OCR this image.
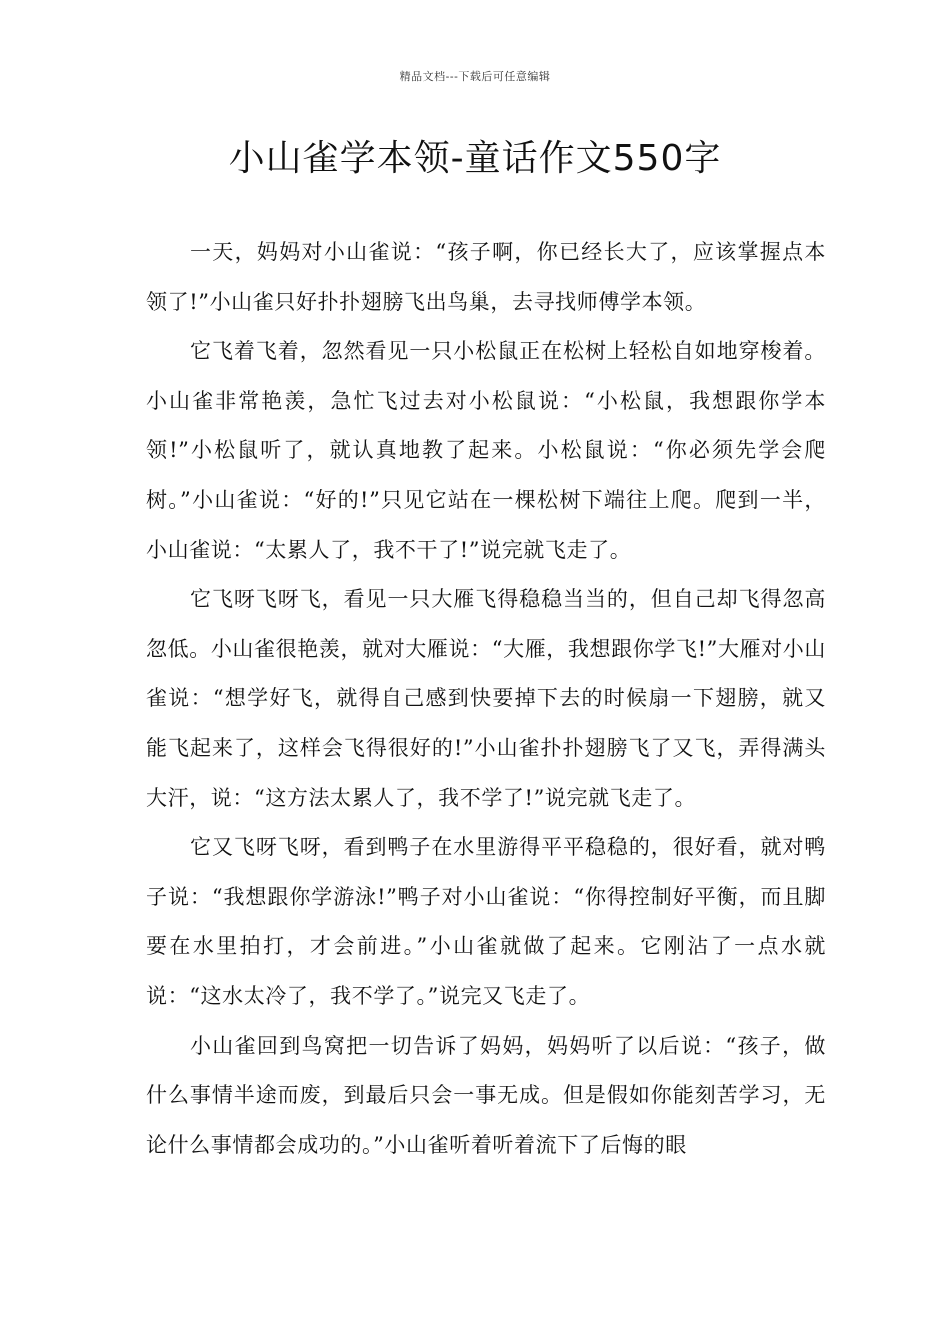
精品文档---下载后可任意编辑
小山雀学本领-童话作文550字

一天，妈妈对小山雀说：“孩子啊，你已经长大了，应该掌握点本领了!”小山雀只好扑扑翅膀飞出鸟巢，去寻找师傅学本领。

它飞着飞着，忽然看见一只小松鼠正在松树上轻松自如地穿梭着。小山雀非常艳羡，急忙飞过去对小松鼠说：“小松鼠，我想跟你学本领!”小松鼠听了，就认真地教了起来。小松鼠说：“你必须先学会爬树。”小山雀说：“好的!”只见它站在一棵松树下端往上爬。爬到一半，小山雀说：“太累人了，我不干了!”说完就飞走了。

它飞呀飞呀飞，看见一只大雁飞得稳稳当当的，但自己却飞得忽高忽低。小山雀很艳羡，就对大雁说：“大雁，我想跟你学飞!”大雁对小山雀说：“想学好飞，就得自己感到快要掉下去的时候扇一下翅膀，就又能飞起来了，这样会飞得很好的!”小山雀扑扑翅膀飞了又飞，弄得满头大汗，说：“这方法太累人了，我不学了!”说完就飞走了。

它又飞呀飞呀，看到鸭子在水里游得平平稳稳的，很好看，就对鸭子说：“我想跟你学游泳!”鸭子对小山雀说：“你得控制好平衡，而且脚要在水里拍打，才会前进。”小山雀就做了起来。它刚沾了一点水就说：“这水太冷了，我不学了。”说完又飞走了。

小山雀回到鸟窝把一切告诉了妈妈，妈妈听了以后说：“孩子，做什么事情半途而废，到最后只会一事无成。但是假如你能刻苦学习，无论什么事情都会成功的。”小山雀听着听着流下了后悔的眼
